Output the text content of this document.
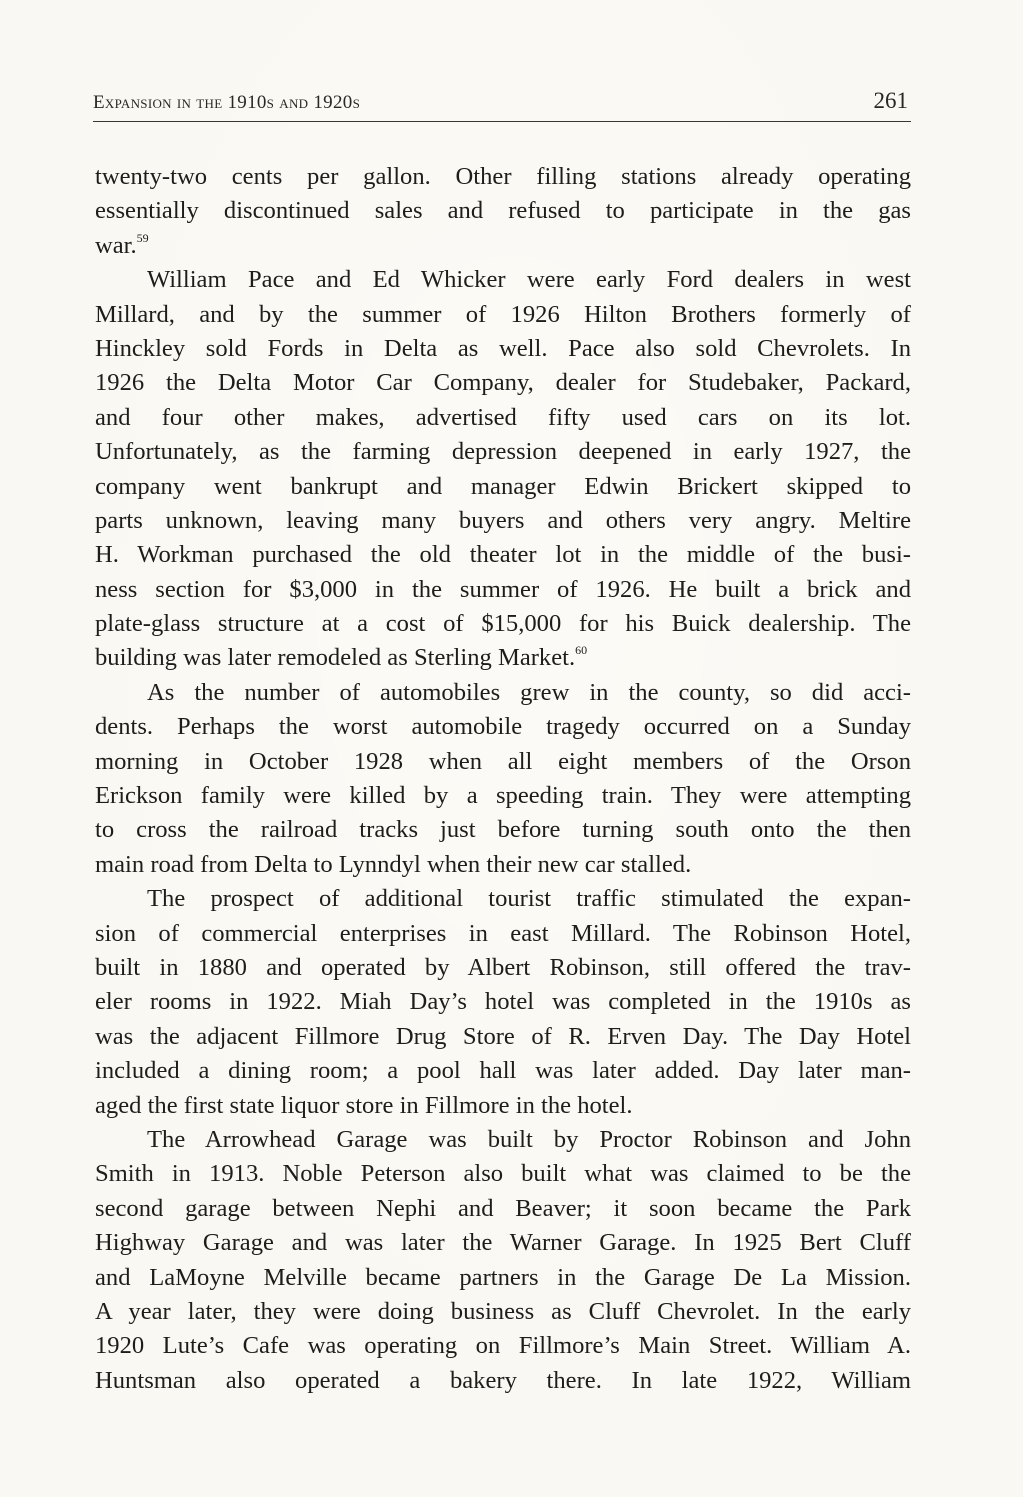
Expansion in the 1910s and 1920s	261
twenty-two cents per gallon. Other filling stations already operating
essentially discontinued sales and refused to participate in the gas
war.$^{59}$
William Pace and Ed Whicker were early Ford dealers in west
Millard, and by the summer of 1926 Hilton Brothers formerly of
Hinckley sold Fords in Delta as well. Pace also sold Chevrolets. In
1926 the Delta Motor Car Company, dealer for Studebaker, Packard,
and four other makes, advertised fifty used cars on its lot.
Unfortunately, as the farming depression deepened in early 1927, the
company went bankrupt and manager Edwin Brickert skipped to
parts unknown, leaving many buyers and others very angry. Meltire
H. Workman purchased the old theater lot in the middle of the busi-
ness section for $3,000 in the summer of 1926. He built a brick and
plate-glass structure at a cost of $15,000 for his Buick dealership. The
building was later remodeled as Sterling Market.$^{60}$
As the number of automobiles grew in the county, so did acci-
dents. Perhaps the worst automobile tragedy occurred on a Sunday
morning in October 1928 when all eight members of the Orson
Erickson family were killed by a speeding train. They were attempting
to cross the railroad tracks just before turning south onto the then
main road from Delta to Lynndyl when their new car stalled.
The prospect of additional tourist traffic stimulated the expan-
sion of commercial enterprises in east Millard. The Robinson Hotel,
built in 1880 and operated by Albert Robinson, still offered the trav-
eler rooms in 1922. Miah Day’s hotel was completed in the 1910s as
was the adjacent Fillmore Drug Store of R. Erven Day. The Day Hotel
included a dining room; a pool hall was later added. Day later man-
aged the first state liquor store in Fillmore in the hotel.
The Arrowhead Garage was built by Proctor Robinson and John
Smith in 1913. Noble Peterson also built what was claimed to be the
second garage between Nephi and Beaver; it soon became the Park
Highway Garage and was later the Warner Garage. In 1925 Bert Cluff
and LaMoyne Melville became partners in the Garage De La Mission.
A year later, they were doing business as Cluff Chevrolet. In the early
1920 Lute’s Cafe was operating on Fillmore’s Main Street. William A.
Huntsman also operated a bakery there. In late 1922, William
